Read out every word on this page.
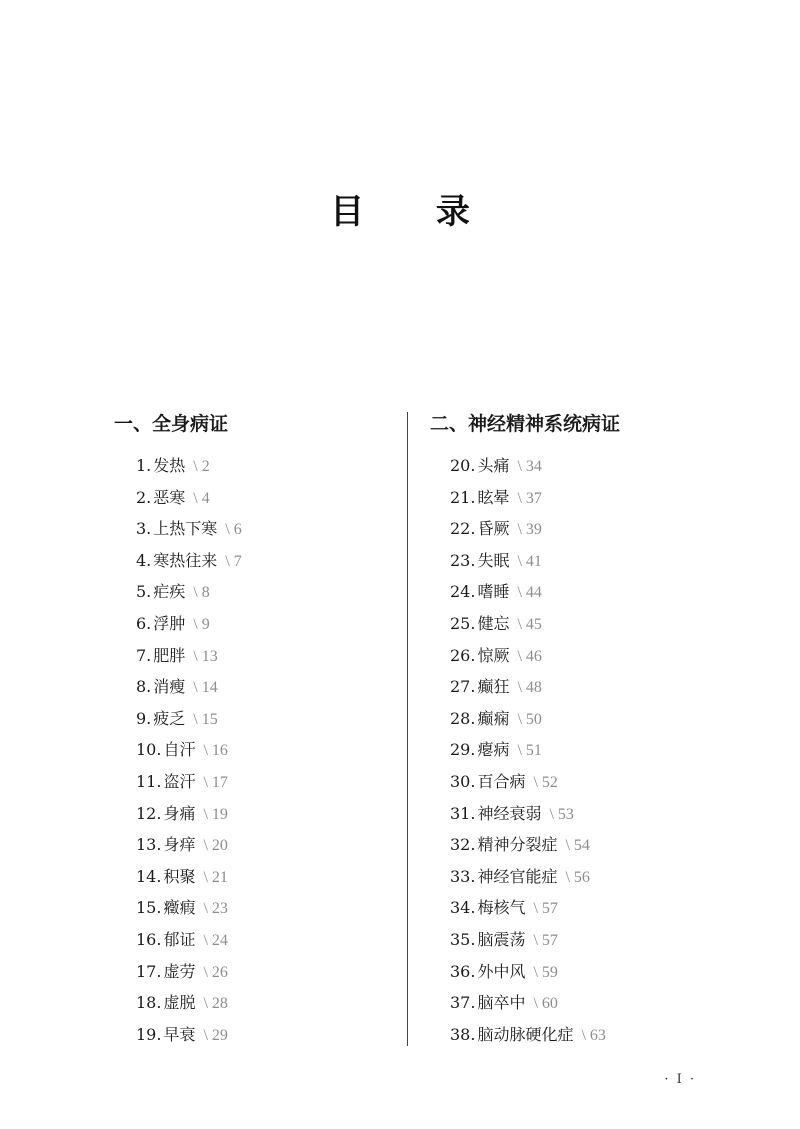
目 录
一、全身病证
1. 发热 \ 2
2. 恶寒 \ 4
3. 上热下寒 \ 6
4. 寒热往来 \ 7
5. 疟疾 \ 8
6. 浮肿 \ 9
7. 肥胖 \ 13
8. 消瘦 \ 14
9. 疲乏 \ 15
10. 自汗 \ 16
11. 盗汗 \ 17
12. 身痛 \ 19
13. 身痒 \ 20
14. 积聚 \ 21
15. 癥瘕 \ 23
16. 郁证 \ 24
17. 虚劳 \ 26
18. 虚脱 \ 28
19. 早衰 \ 29
二、神经精神系统病证
20. 头痛 \ 34
21. 眩晕 \ 37
22. 昏厥 \ 39
23. 失眠 \ 41
24. 嗜睡 \ 44
25. 健忘 \ 45
26. 惊厥 \ 46
27. 癫狂 \ 48
28. 癫痫 \ 50
29. 瘪病 \ 51
30. 百合病 \ 52
31. 神经衰弱 \ 53
32. 精神分裂症 \ 54
33. 神经官能症 \ 56
34. 梅核气 \ 57
35. 脑震荡 \ 57
36. 外中风 \ 59
37. 脑卒中 \ 60
38. 脑动脉硬化症 \ 63
· I ·
